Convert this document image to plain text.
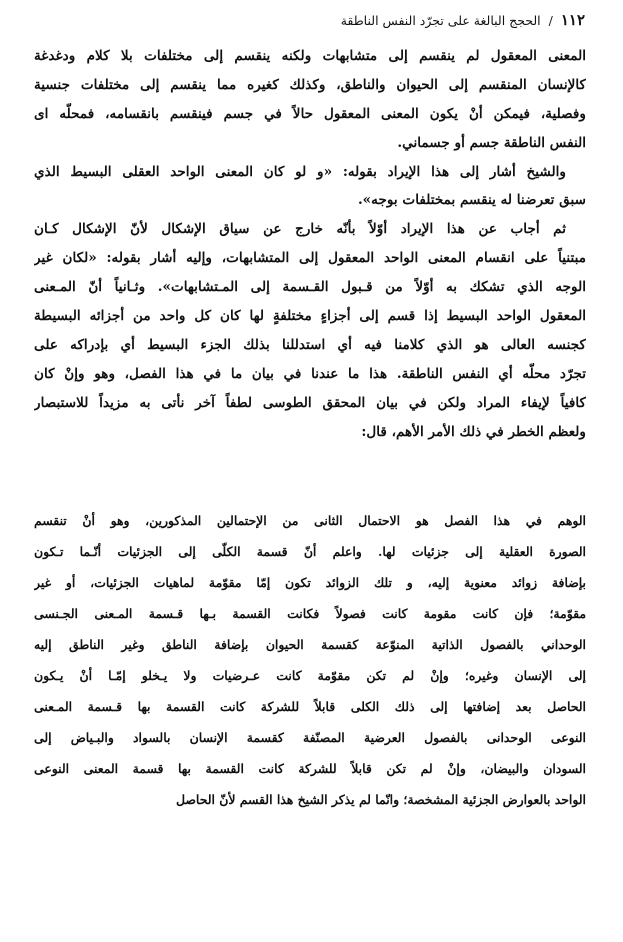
١١٢ / الحجج البالغة على تجرّد النفس الناطقة
المعنى المعقول لم ينقسم إلى متشابهات ولكنه ينقسم إلى مختلفات بلا كلام ودغدغة
كالإنسان المنقسم إلى الحيوان والناطق، وكذلك كغيره مما ينقسم إلى مختلفات جنسية
وفصلية، فيمكن أنْ يكون المعنى المعقول حالاً في جسم فينقسم بانقسامه، فمحلّه اى
النفس الناطقة جسم أو جسماني.
والشيخ أشار إلى هذا الإيراد بقوله: «و لو كان المعنى الواحد العقلى البسيط الذي
سبق تعرضنا له ينقسم بمختلفات بوجه».
ثم أجاب عن هذا الإيراد أوّلاً بأنّه خارج عن سياق الإشكال لأنّ الإشكال كـان
مبتنياً على انقسام المعنى الواحد المعقول إلى المتشابهات، وإليه أشار بقوله: «لكان غير
الوجه الذي تشكك به أوّلاً من قـبول القـسمة إلى المـتشابهات». وثـانياً أنّ المـعنى
المعقول الواحد البسيط إذا قسم إلى أجزاءٍ مختلفةٍ لها كان كل واحد من أجزائه البسيطة
كجنسه العالى هو الذي كلامنا فيه أي استدللنا بذلك الجزء البسيط أي بإدراكه على
تجرّد محلّه أي النفس الناطقة. هذا ما عندنا في بيان ما في هذا الفصل، وهو وإنْ كان
كافياً لإيفاء المراد ولكن في بيان المحقق الطوسى لطفاً آخر نأتى به مزيداً للاستبصار
ولعظم الخطر في ذلك الأمر الأهم، قال:
الوهم في هذا الفصل هو الاحتمال الثانى من الإحتمالين المذكورين، وهو أنْ تنقسم
الصورة العقلية إلى جزئيات لها. واعلم أنّ قسمة الكلّى إلى الجزئيات أنّـما تـكون
بإضافة زوائد معنوية إليه، و تلك الزوائد تكون إمّا مقوّمة لماهيات الجزئيات، أو غير
مقوّمة؛ فإن كانت مقومة كانت فصولاً فكانت القسمة بـها قـسمة المـعنى الجـنسى
الوحداني بالفصول الذاتية المنوّعة كقسمة الحيوان بإضافة الناطق وغير الناطق إليه
إلى الإنسان وغيره؛ وإنْ لم تكن مقوّمة كانت عـرضيات ولا يـخلو إمّـا أنْ يـكون
الحاصل بعد إضافتها إلى ذلك الكلى قابلاً للشركة كانت القسمة بها قـسمة المـعنى
النوعى الوحدانى بالفصول العرضية المصنّفة كقسمة الإنسان بالسواد والبـياض إلى
السودان والبيضان، وإنْ لم تكن قابلاً للشركة كانت القسمة بها قسمة المعنى النوعى
الواحد بالعوارض الجزئية المشخصة؛ وانّما لم يذكر الشيخ هذا القسم لأنّ الحاصل
